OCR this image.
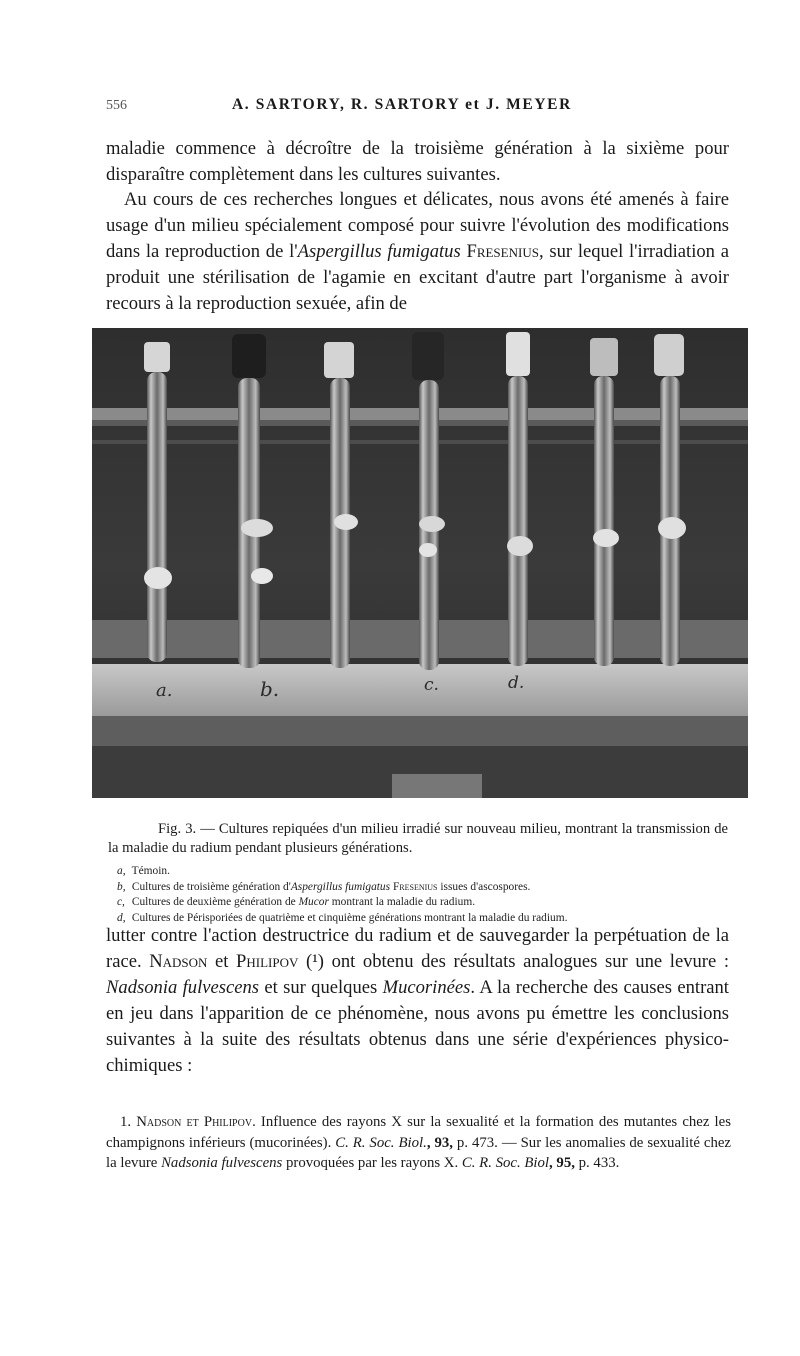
556	A. SARTORY, R. SARTORY et J. MEYER

maladie commence à décroître de la troisième génération à la sixième pour disparaître complètement dans les cultures suivantes.

Au cours de ces recherches longues et délicates, nous avons été amenés à faire usage d'un milieu spécialement composé pour suivre l'évolution des modifications dans la reproduction de l'Aspergillus fumigatus Fresenius, sur lequel l'irradiation a produit une stérilisation de l'agamie en excitant d'autre part l'organisme à avoir recours à la reproduction sexuée, afin de

a.	b.	c.	d.

Fig. 3. — Cultures repiquées d'un milieu irradié sur nouveau milieu, montrant la transmission de la maladie du radium pendant plusieurs générations.

a, Témoin.
b, Cultures de troisième génération d'Aspergillus fumigatus Fresenius issues d'ascospores.
c, Cultures de deuxième génération de Mucor montrant la maladie du radium.
d, Cultures de Périsporiées de quatrième et cinquième générations montrant la maladie du radium.

lutter contre l'action destructrice du radium et de sauvegarder la perpétuation de la race. Nadson et Philipov (¹) ont obtenu des résultats analogues sur une levure : Nadsonia fulvescens et sur quelques Mucorinées. A la recherche des causes entrant en jeu dans l'apparition de ce phénomène, nous avons pu émettre les conclusions suivantes à la suite des résultats obtenus dans une série d'expériences physico-chimiques :

1. Nadson et Philipov. Influence des rayons X sur la sexualité et la formation des mutantes chez les champignons inférieurs (mucorinées). C. R. Soc. Biol., 93, p. 473. — Sur les anomalies de sexualité chez la levure Nadsonia fulvescens provoquées par les rayons X. C. R. Soc. Biol, 95, p. 433.
